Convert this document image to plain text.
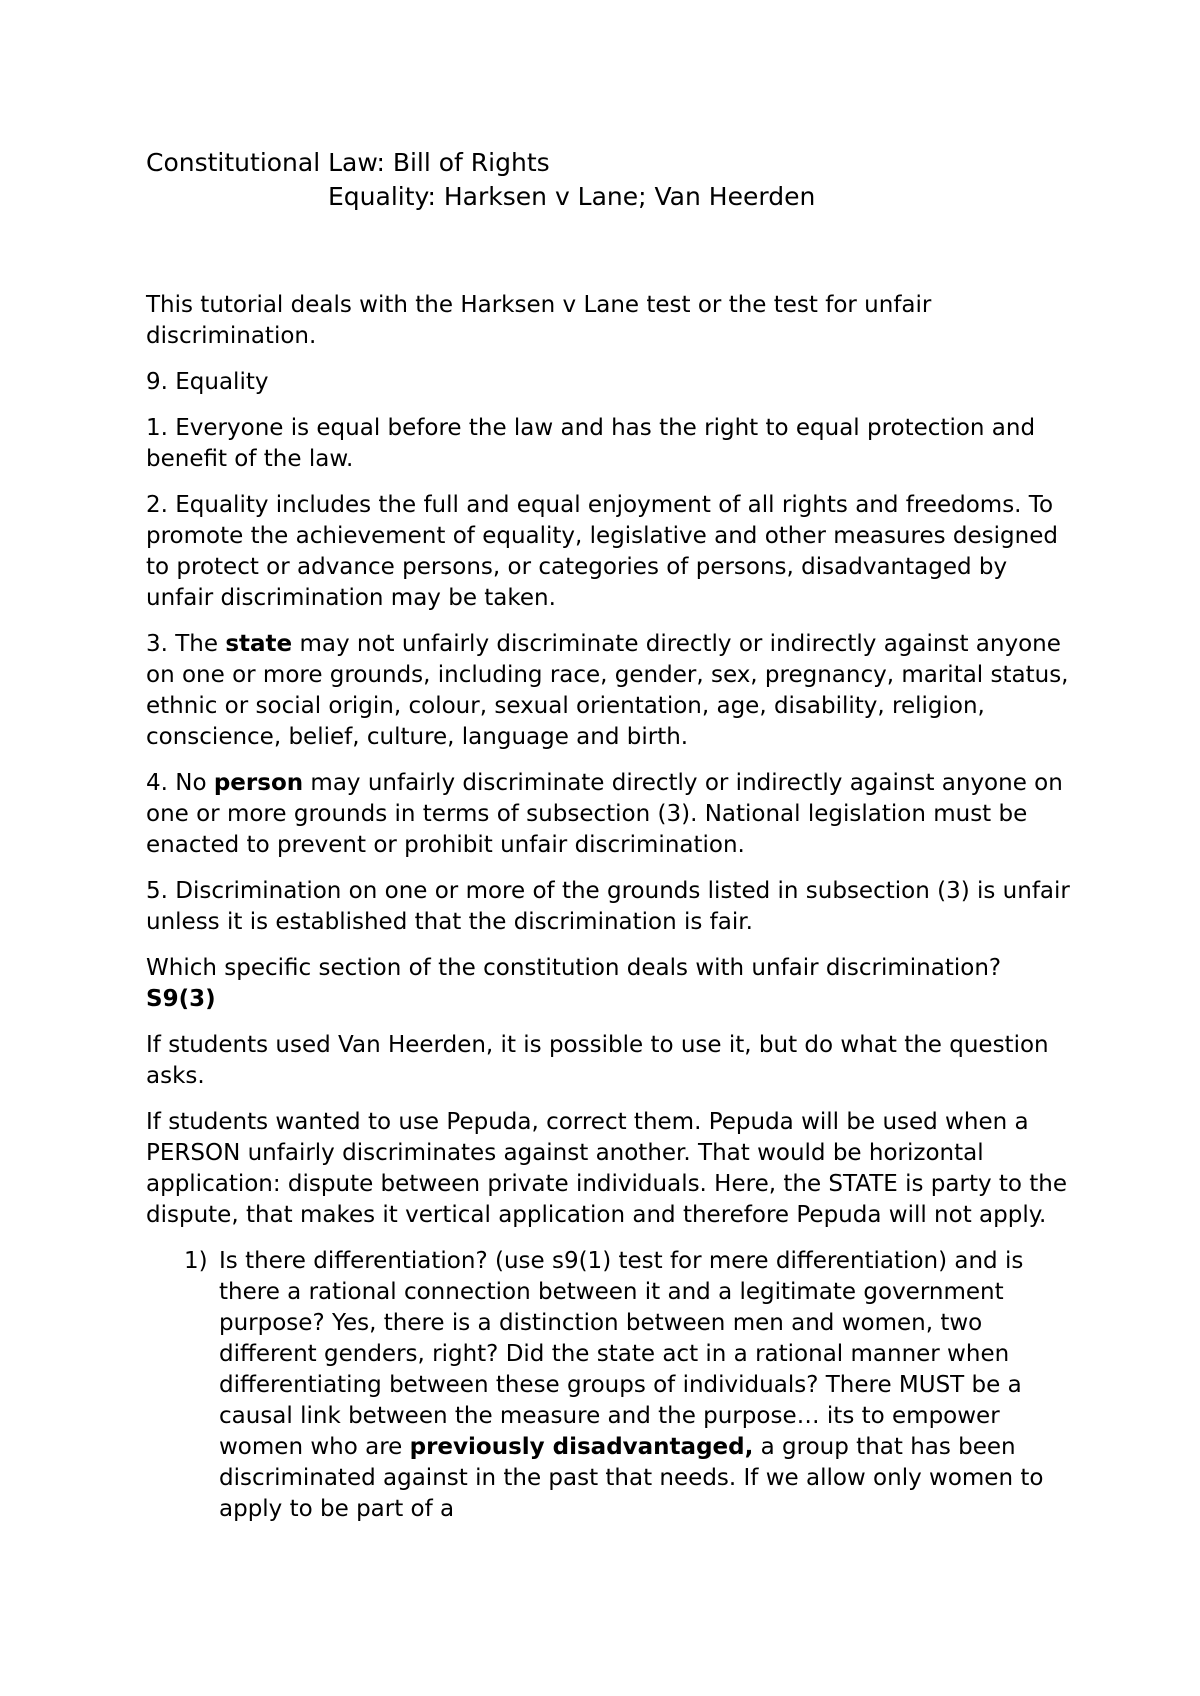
Constitutional Law: Bill of Rights

Equality: Harksen v Lane; Van Heerden

This tutorial deals with the Harksen v Lane test or the test for unfair discrimination.

9. Equality

1. Everyone is equal before the law and has the right to equal protection and benefit of the law.

2. Equality includes the full and equal enjoyment of all rights and freedoms. To promote the achievement of equality, legislative and other measures designed to protect or advance persons, or categories of persons, disadvantaged by unfair discrimination may be taken.

3. The state may not unfairly discriminate directly or indirectly against anyone on one or more grounds, including race, gender, sex, pregnancy, marital status, ethnic or social origin, colour, sexual orientation, age, disability, religion, conscience, belief, culture, language and birth.

4. No person may unfairly discriminate directly or indirectly against anyone on one or more grounds in terms of subsection (3). National legislation must be enacted to prevent or prohibit unfair discrimination.

5. Discrimination on one or more of the grounds listed in subsection (3) is unfair unless it is established that the discrimination is fair.

Which specific section of the constitution deals with unfair discrimination? S9(3)

If students used Van Heerden, it is possible to use it, but do what the question asks.

If students wanted to use Pepuda, correct them. Pepuda will be used when a PERSON unfairly discriminates against another. That would be horizontal application: dispute between private individuals. Here, the STATE is party to the dispute, that makes it vertical application and therefore Pepuda will not apply.

1) Is there differentiation? (use s9(1) test for mere differentiation) and is there a rational connection between it and a legitimate government purpose? Yes, there is a distinction between men and women, two different genders, right? Did the state act in a rational manner when differentiating between these groups of individuals? There MUST be a causal link between the measure and the purpose… its to empower women who are previously disadvantaged, a group that has been discriminated against in the past that needs. If we allow only women to apply to be part of a
